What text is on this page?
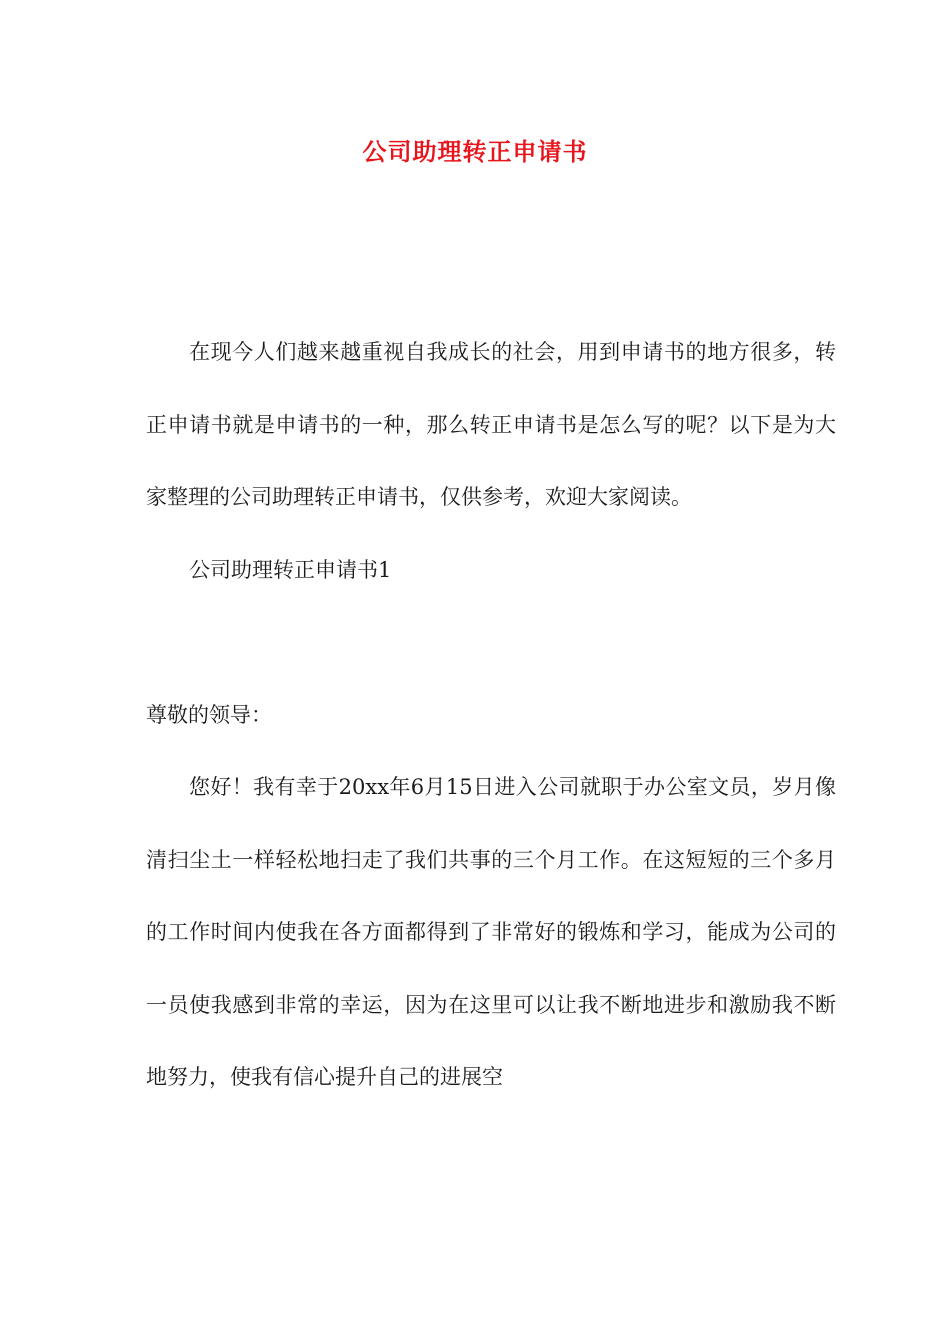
公司助理转正申请书

在现今人们越来越重视自我成长的社会，用到申请书的地方很多，转正申请书就是申请书的一种，那么转正申请书是怎么写的呢？以下是为大家整理的公司助理转正申请书，仅供参考，欢迎大家阅读。

公司助理转正申请书1

尊敬的领导：

您好！我有幸于20xx年6月15日进入公司就职于办公室文员，岁月像清扫尘土一样轻松地扫走了我们共事的三个月工作。在这短短的三个多月的工作时间内使我在各方面都得到了非常好的锻炼和学习，能成为公司的一员使我感到非常的幸运，因为在这里可以让我不断地进步和激励我不断地努力，使我有信心提升自己的进展空
